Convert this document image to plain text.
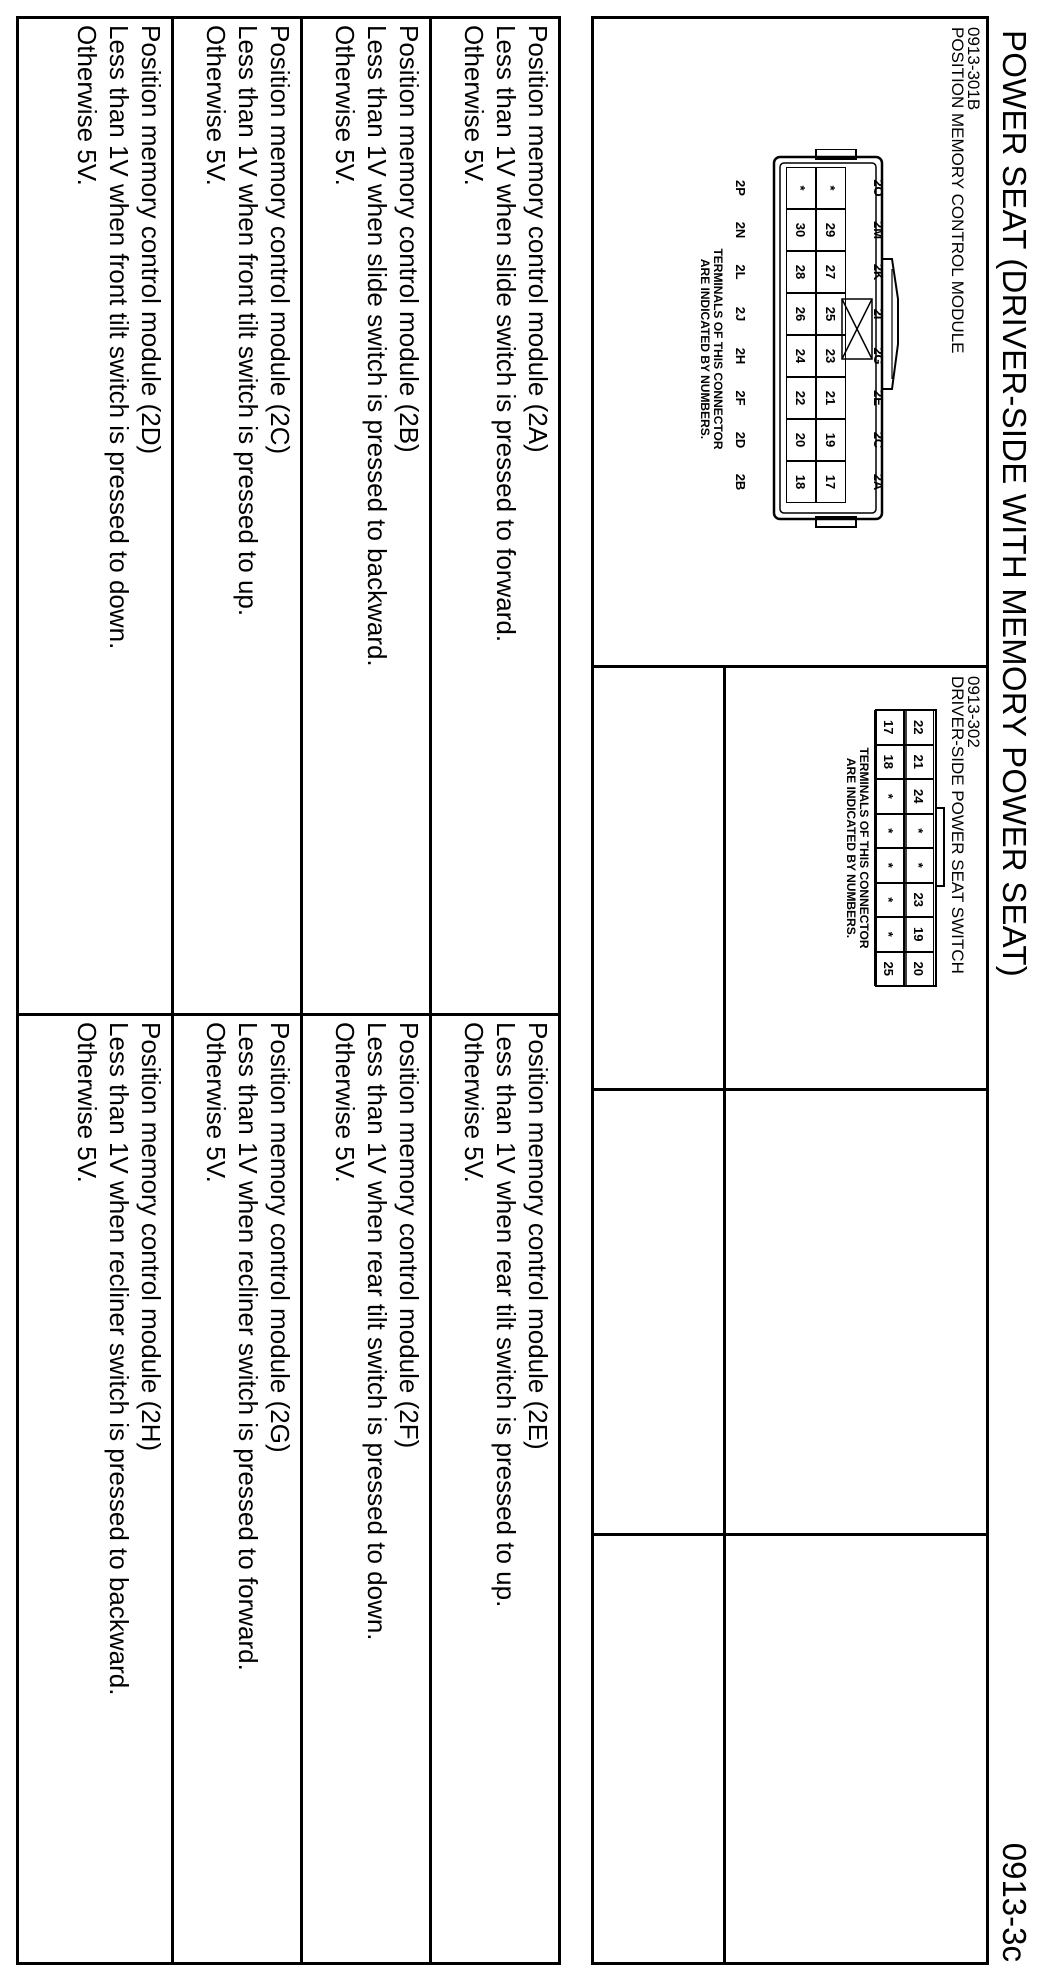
POWER SEAT (DRIVER-SIDE WITH MEMORY POWER SEAT)
0913-3c
0913-301B
POSITION MEMORY CONTROL MODULE
*
29
27
25
23
21
19
17
*
30
28
26
24
22
20
18
2O
2M
2K
2I
2G
2E
2C
2A
2P
2N
2L
2J
2H
2F
2D
2B
TERMINALS OF THIS CONNECTOR
ARE INDICATED BY NUMBERS.
0913-302
DRIVER-SIDE POWER SEAT SWITCH
22
21
24
*
*
23
19
20
17
18
*
*
*
*
*
25
TERMINALS OF THIS CONNECTOR
ARE INDICATED BY NUMBERS.
Position memory control module (2A)
Less than 1V when slide switch is pressed to forward.
Otherwise 5V.
Position memory control module (2B)
Less than 1V when slide switch is pressed to backward.
Otherwise 5V.
Position memory control module (2C)
Less than 1V when front tilt switch is pressed to up.
Otherwise 5V.
Position memory control module (2D)
Less than 1V when front tilt switch is pressed to down.
Otherwise 5V.
Position memory control module (2E)
Less than 1V when rear tilt switch is pressed to up.
Otherwise 5V.
Position memory control module (2F)
Less than 1V when rear tilt switch is pressed to down.
Otherwise 5V.
Position memory control module (2G)
Less than 1V when recliner switch is pressed to forward.
Otherwise 5V.
Position memory control module (2H)
Less than 1V when recliner switch is pressed to backward.
Otherwise 5V.
